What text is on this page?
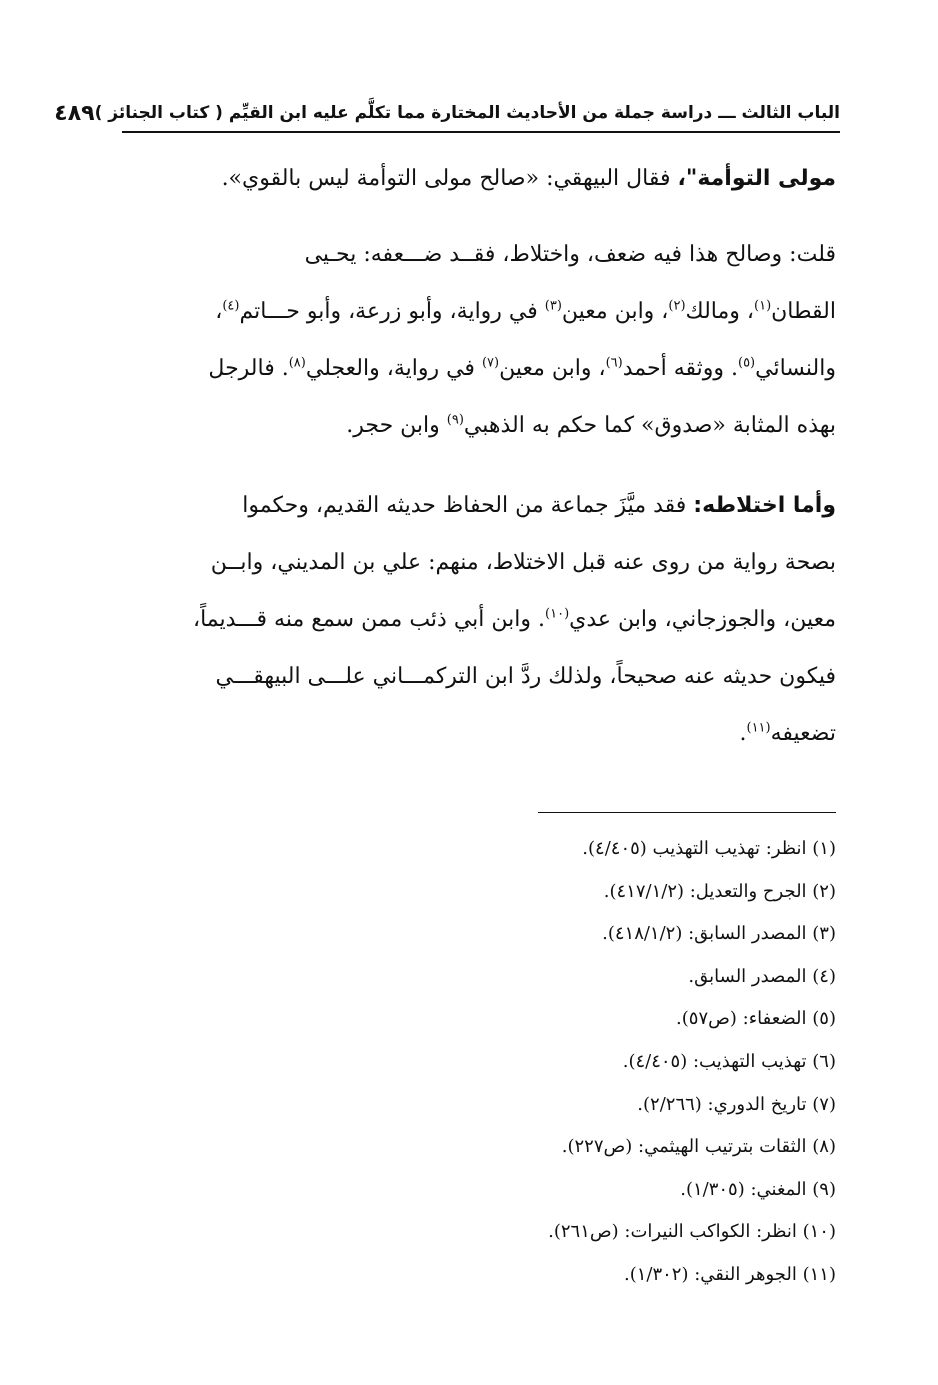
الباب الثالث ـــ دراسة جملة من الأحاديث المختارة مما تكلَّم عليه ابن القيِّم ( كتاب الجنائز )
٤٨٩
مولى التوأمة"، فقال البيهقي: «صالح مولى التوأمة ليس بالقوي».
قلت: وصالح هذا فيه ضعف، واختلاط، فقــد ضـــعفه: يحـيى
القطان$^{(١)}$، ومالك$^{(٢)}$، وابن معين$^{(٣)}$ في رواية، وأبو زرعة، وأبو حـــاتم$^{(٤)}$،
والنسائي$^{(٥)}$. ووثقه أحمد$^{(٦)}$، وابن معين$^{(٧)}$ في رواية، والعجلي$^{(٨)}$. فالرجل
بهذه المثابة «صدوق» كما حكم به الذهبي$^{(٩)}$ وابن حجر.
وأما اختلاطه: فقد ميَّزَ جماعة من الحفاظ حديثه القديم، وحكموا
بصحة رواية من روى عنه قبل الاختلاط، منهم: علي بن المديني، وابــن
معين، والجوزجاني، وابن عدي$^{(١٠)}$. وابن أبي ذئب ممن سمع منه قـــديماً،
فيكون حديثه عنه صحيحاً، ولذلك ردَّ ابن التركمـــاني علـــى البيهقـــي
تضعيفه$^{(١١)}$.
(١) انظر: تهذيب التهذيب (٤/٤٠٥).
(٢) الجرح والتعديل: (٤١٧/١/٢).
(٣) المصدر السابق: (٤١٨/١/٢).
(٤) المصدر السابق.
(٥) الضعفاء: (ص٥٧).
(٦) تهذيب التهذيب: (٤/٤٠٥).
(٧) تاريخ الدوري: (٢/٢٦٦).
(٨) الثقات بترتيب الهيثمي: (ص٢٢٧).
(٩) المغني: (١/٣٠٥).
(١٠) انظر: الكواكب النيرات: (ص٢٦١).
(١١) الجوهر النقي: (١/٣٠٢).
